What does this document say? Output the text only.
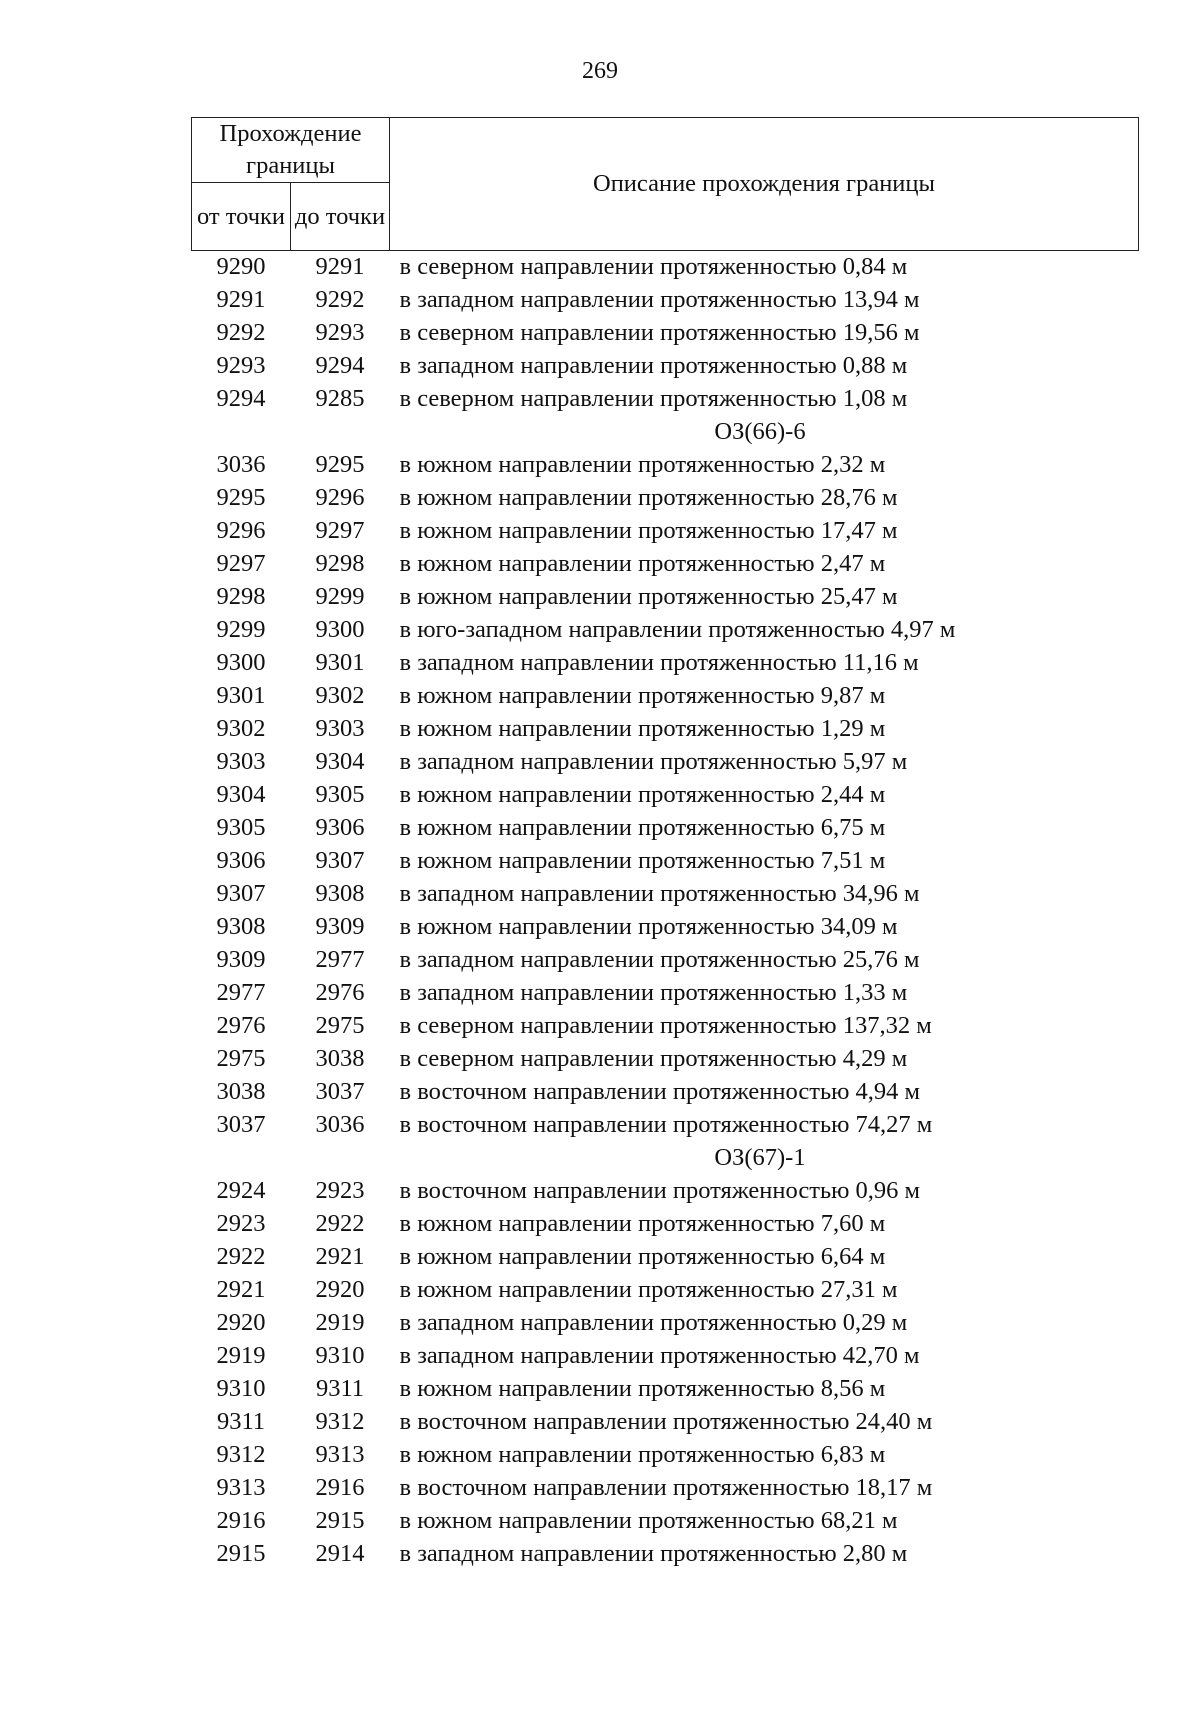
269
Прохождение границы		Описание прохождения границы
от точки	до точки	
9290	9291	в северном направлении протяженностью 0,84 м
9291	9292	в западном направлении протяженностью 13,94 м
9292	9293	в северном направлении протяженностью 19,56 м
9293	9294	в западном направлении протяженностью 0,88 м
9294	9285	в северном направлении протяженностью 1,08 м
ОЗ(66)-6		
3036	9295	в южном направлении протяженностью 2,32 м
9295	9296	в южном направлении протяженностью 28,76 м
9296	9297	в южном направлении протяженностью 17,47 м
9297	9298	в южном направлении протяженностью 2,47 м
9298	9299	в южном направлении протяженностью 25,47 м
9299	9300	в юго-западном направлении протяженностью 4,97 м
9300	9301	в западном направлении протяженностью 11,16 м
9301	9302	в южном направлении протяженностью 9,87 м
9302	9303	в южном направлении протяженностью 1,29 м
9303	9304	в западном направлении протяженностью 5,97 м
9304	9305	в южном направлении протяженностью 2,44 м
9305	9306	в южном направлении протяженностью 6,75 м
9306	9307	в южном направлении протяженностью 7,51 м
9307	9308	в западном направлении протяженностью 34,96 м
9308	9309	в южном направлении протяженностью 34,09 м
9309	2977	в западном направлении протяженностью 25,76 м
2977	2976	в западном направлении протяженностью 1,33 м
2976	2975	в северном направлении протяженностью 137,32 м
2975	3038	в северном направлении протяженностью 4,29 м
3038	3037	в восточном направлении протяженностью 4,94 м
3037	3036	в восточном направлении протяженностью 74,27 м
ОЗ(67)-1		
2924	2923	в восточном направлении протяженностью 0,96 м
2923	2922	в южном направлении протяженностью 7,60 м
2922	2921	в южном направлении протяженностью 6,64 м
2921	2920	в южном направлении протяженностью 27,31 м
2920	2919	в западном направлении протяженностью 0,29 м
2919	9310	в западном направлении протяженностью 42,70 м
9310	9311	в южном направлении протяженностью 8,56 м
9311	9312	в восточном направлении протяженностью 24,40 м
9312	9313	в южном направлении протяженностью 6,83 м
9313	2916	в восточном направлении протяженностью 18,17 м
2916	2915	в южном направлении протяженностью 68,21 м
2915	2914	в западном направлении протяженностью 2,80 м
